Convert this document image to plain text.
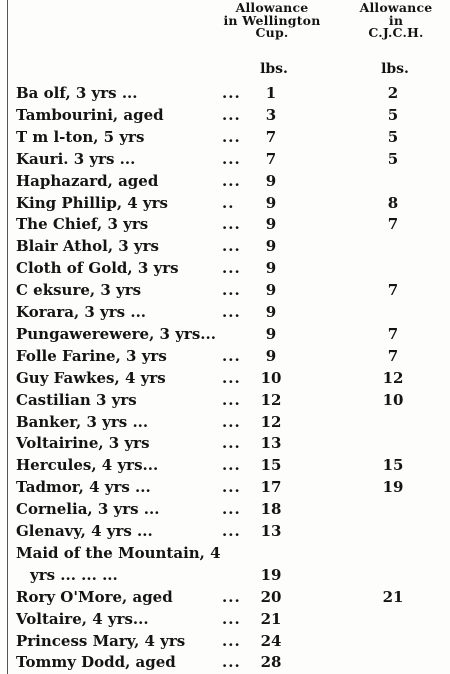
Allowance
in Wellington
Cup.
Allowance
in
C.J.C.H.
lbs.	lbs.
Ba olf, 3 yrs ...	...	1	2
Tambourini, aged	...	3	5
T m l-ton, 5 yrs	...	7	5
Kauri. 3 yrs ...	...	7	5
Haphazard, aged	...	9
King Phillip, 4 yrs	..	9	8
The Chief, 3 yrs	...	9	7
Blair Athol, 3 yrs	...	9
Cloth of Gold, 3 yrs	...	9
C eksure, 3 yrs	...	9	7
Korara, 3 yrs ...	...	9
Pungawerewere, 3 yrs...	9	7
Folle Farine, 3 yrs	...	9	7
Guy Fawkes, 4 yrs	...	10	12
Castilian 3 yrs	...	12	10
Banker, 3 yrs ...	...	12
Voltairine, 3 yrs	...	13
Hercules, 4 yrs...	...	15	15
Tadmor, 4 yrs ...	...	17	19
Cornelia, 3 yrs ...	...	18
Glenavy, 4 yrs ...	...	13
Maid of the Mountain, 4
yrs ... ... ...	19
Rory O'More, aged	...	20	21
Voltaire, 4 yrs...	...	21
Princess Mary, 4 yrs ...	24
Tommy Dodd, aged	...	28
